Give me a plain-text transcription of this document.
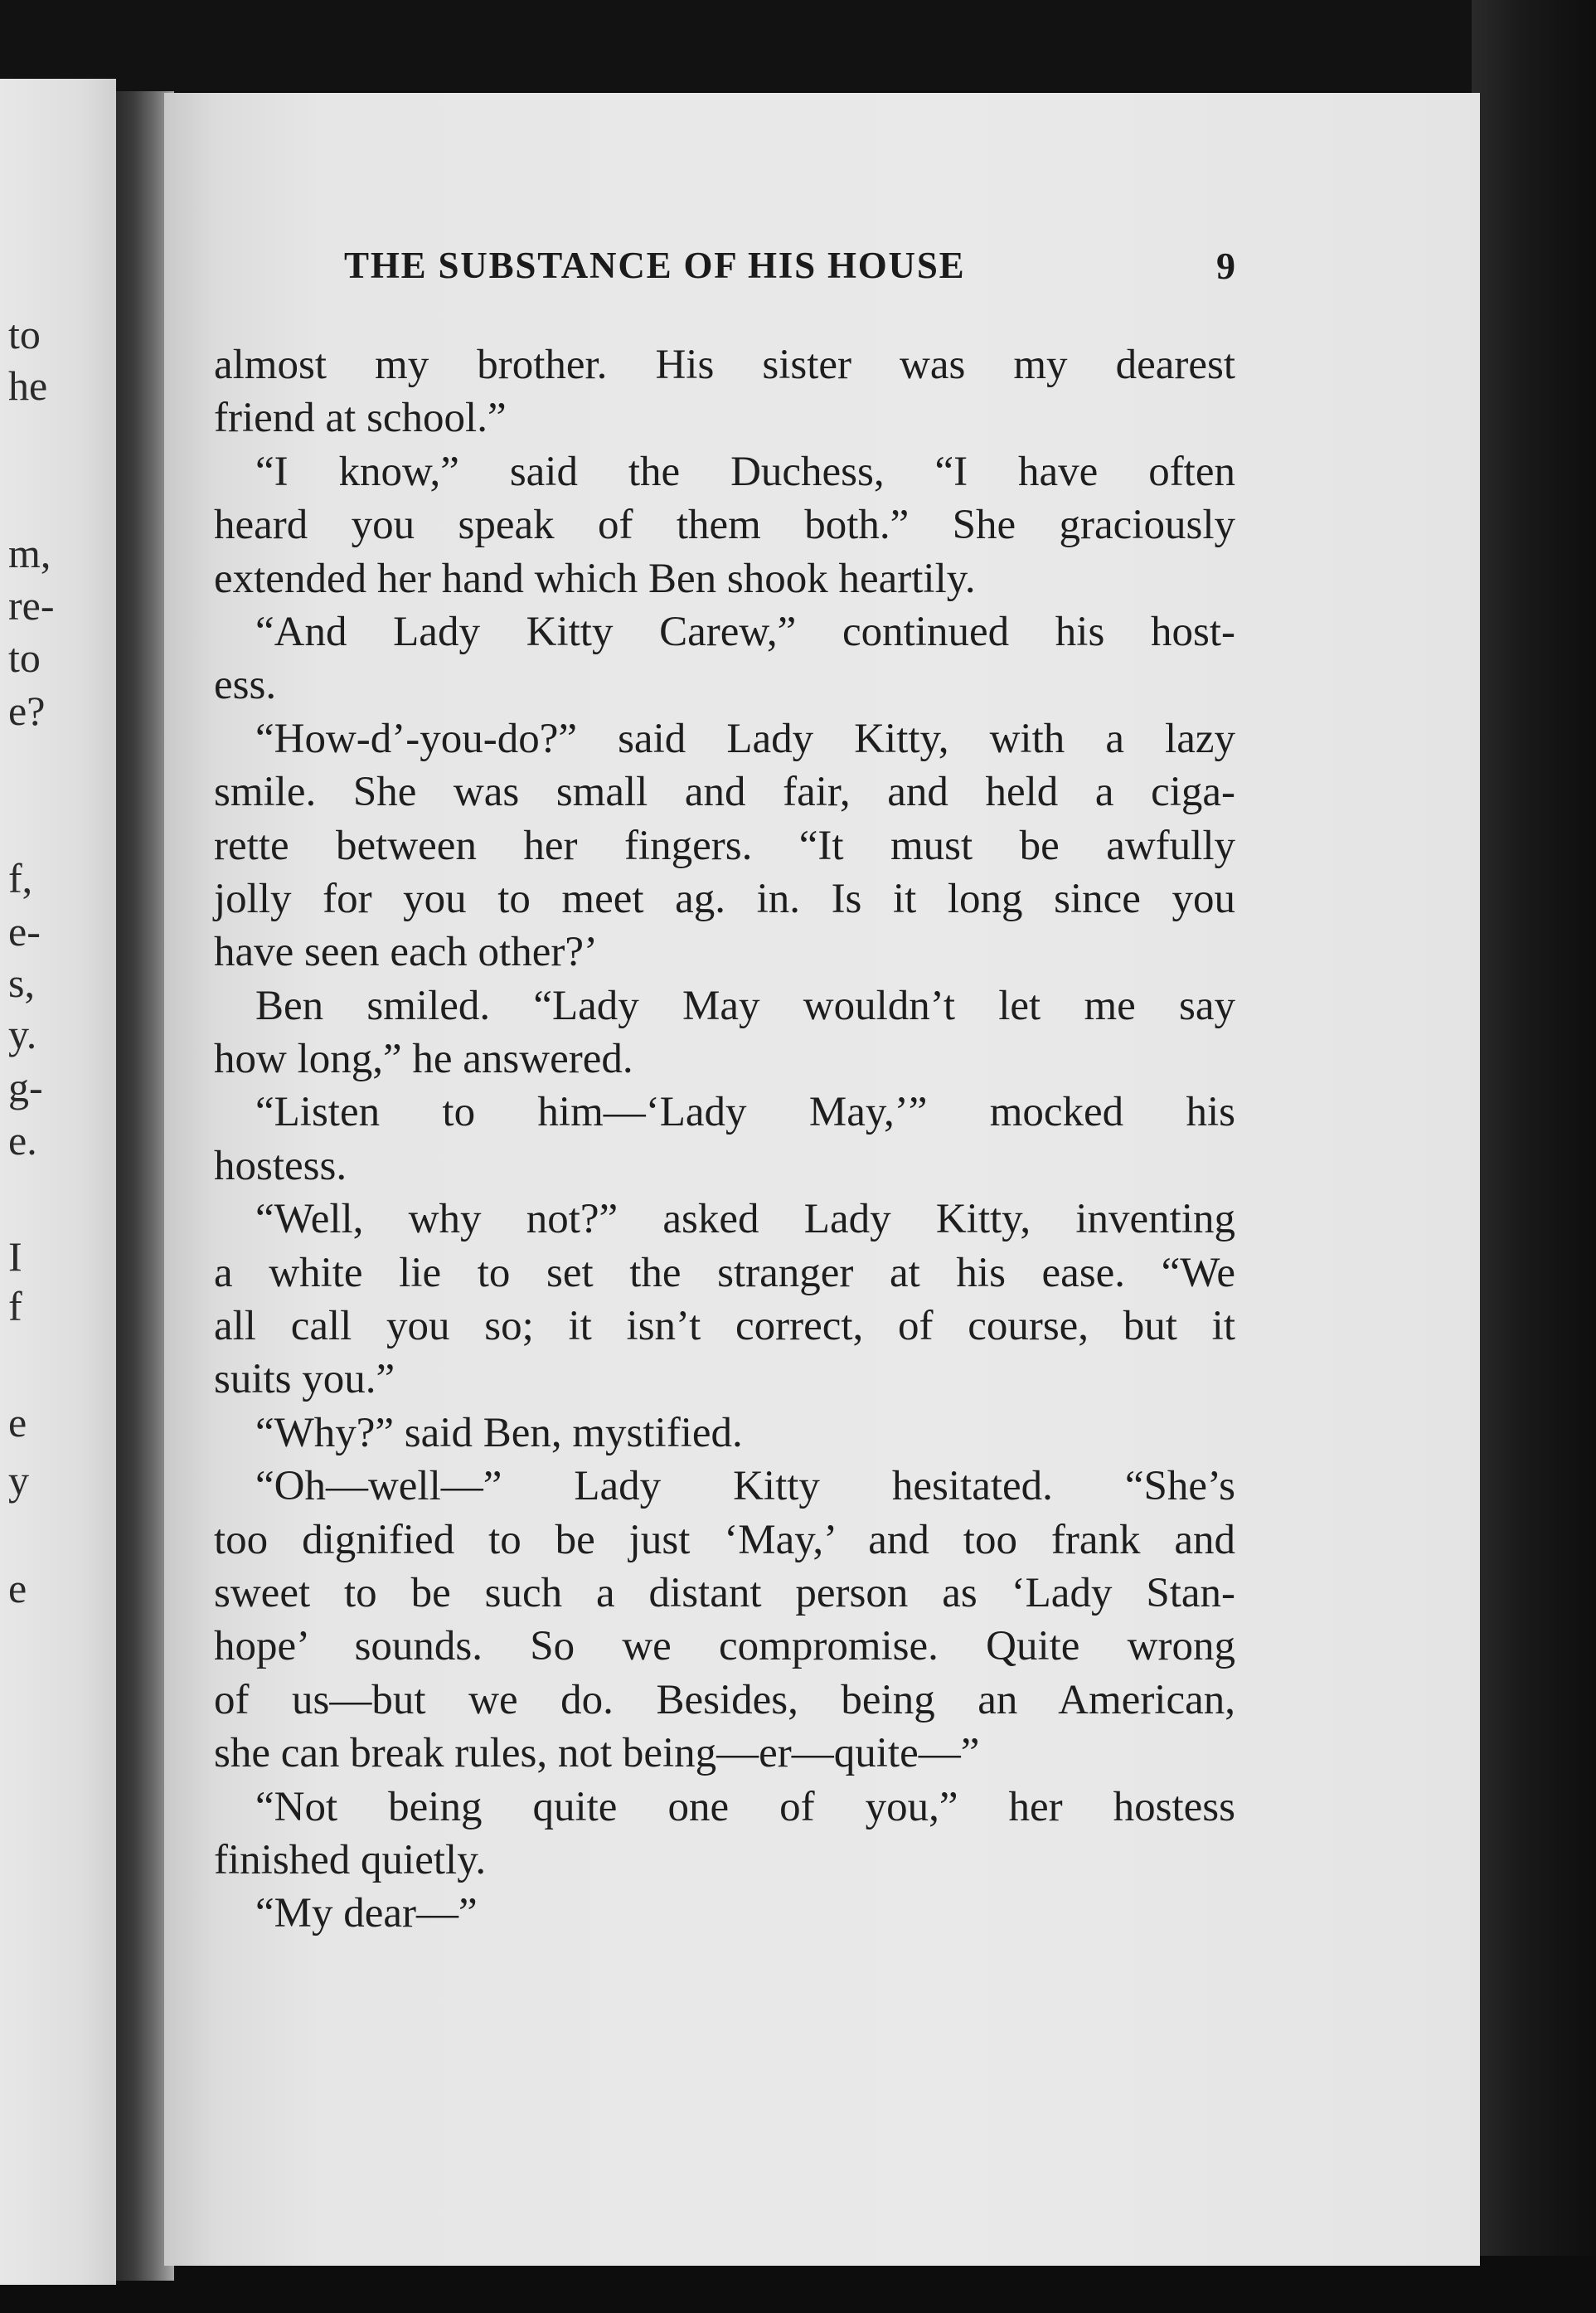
to
he
m,
re-
to
e?
f,
e-
s,
y.
g-
e.
I
f
e
y
e
THE SUBSTANCE OF HIS HOUSE	9
almost my brother. His sister was my dearest
friend at school.”
“I know,” said the Duchess, “I have often
heard you speak of them both.” She graciously
extended her hand which Ben shook heartily.
“And Lady Kitty Carew,” continued his host-
ess.
“How-d’-you-do?” said Lady Kitty, with a lazy
smile. She was small and fair, and held a ciga-
rette between her fingers. “It must be awfully
jolly for you to meet ag. in. Is it long since you
have seen each other?’
Ben smiled. “Lady May wouldn’t let me say
how long,” he answered.
“Listen to him—‘Lady May,’” mocked his
hostess.
“Well, why not?” asked Lady Kitty, inventing
a white lie to set the stranger at his ease. “We
all call you so; it isn’t correct, of course, but it
suits you.”
“Why?” said Ben, mystified.
“Oh—well—” Lady Kitty hesitated. “She’s
too dignified to be just ‘May,’ and too frank and
sweet to be such a distant person as ‘Lady Stan-
hope’ sounds. So we compromise. Quite wrong
of us—but we do. Besides, being an American,
she can break rules, not being—er—quite—”
“Not being quite one of you,” her hostess
finished quietly.
“My dear—”
